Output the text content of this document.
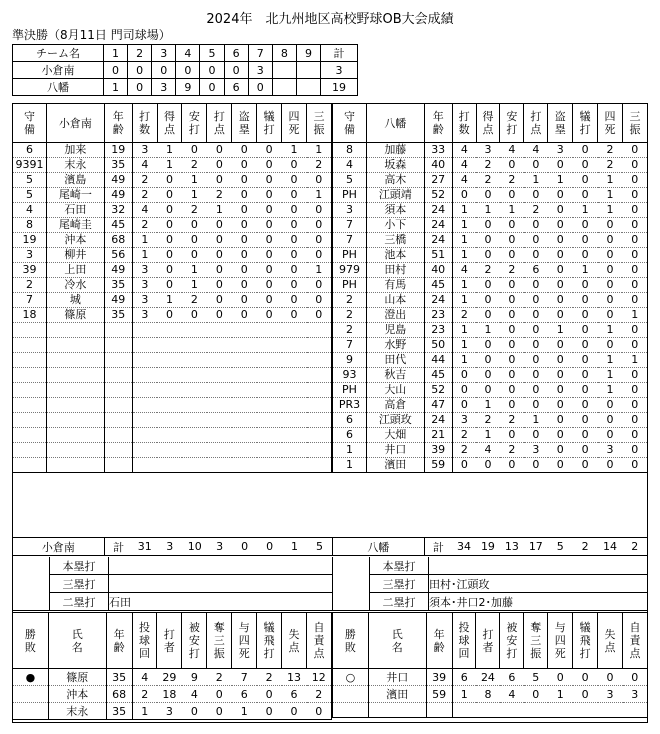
2024年　北九州地区高校野球OB大会成績
準決勝（8月11日 門司球場）
チーム名	1	2	3	4	5	6	7	8	9	計
小倉南	0	0	0	0	0	0	3			3
八幡	1	0	3	9	0	6	0			19
守備	小倉南	年齢	打数	得点	安打	打点	盗塁	犠打	四死	三振
6	加来	19	3	1	0	0	0	0	1	1
9391	末永	35	4	1	2	0	0	0	0	2
5	濱島	49	2	0	1	0	0	0	0	0
5	尾崎一	49	2	0	1	2	0	0	0	1
4	石田	32	4	0	2	1	0	0	0	0
8	尾崎圭	45	2	0	0	0	0	0	0	0
19	沖本	68	1	0	0	0	0	0	0	0
3	柳井	56	1	0	0	0	0	0	0	0
39	上田	49	3	0	1	0	0	0	0	1
2	冷水	35	3	0	1	0	0	0	0	0
7	城	49	3	1	2	0	0	0	0	0
18	篠原	35	3	0	0	0	0	0	0	0

守備	八幡	年齢	打数	得点	安打	打点	盗塁	犠打	四死	三振
8	加藤	33	4	3	4	4	3	0	2	0
4	坂森	40	4	2	0	0	0	0	2	0
5	高木	27	4	2	2	1	1	0	1	0
PH	江頭靖	52	0	0	0	0	0	0	1	0
3	須本	24	1	1	1	2	0	1	1	0
7	小下	24	1	0	0	0	0	0	0	0
7	三橋	24	1	0	0	0	0	0	0	0
PH	池本	51	1	0	0	0	0	0	0	0
979	田村	40	4	2	2	6	0	1	0	0
PH	有馬	45	1	0	0	0	0	0	0	0
2	山本	24	1	0	0	0	0	0	0	0
2	澄出	23	2	0	0	0	0	0	0	1
2	児島	23	1	1	0	0	1	0	1	0
7	水野	50	1	0	0	0	0	0	0	0
9	田代	44	1	0	0	0	0	0	1	1
93	秋吉	45	0	0	0	0	0	0	1	0
PH	大山	52	0	0	0	0	0	0	1	0
PR3	高倉	47	0	1	0	0	0	0	0	0
6	江頭玫	24	3	2	2	1	0	0	0	0
6	大畑	21	2	1	0	0	0	0	0	0
1	井口	39	2	4	2	3	0	0	3	0
1	濱田	59	0	0	0	0	0	0	0	0
小倉南	計	31	3	10	3	0	0	1	5	八幡	計	34	19	13	17	5	2	14	2
	本塁打	
	三塁打	
	二塁打	石田
	本塁打	
	三塁打	田村･江頭玫
	二塁打	須本･井口2･加藤
勝敗	氏名	年齢	投球回	打者	被安打	奪三振	与四死	犠飛打	失点	自責点
●	篠原	35	4	29	9	2	7	2	13	12
	沖本	68	2	18	4	0	6	0	6	2
	末永	35	1	3	0	0	1	0	0	0
勝敗	氏名	年齢	投球回	打者	被安打	奪三振	与四死	犠飛打	失点	自責点
○	井口	39	6	24	6	5	0	0	0	0
	濱田	59	1	8	4	0	1	0	3	3
